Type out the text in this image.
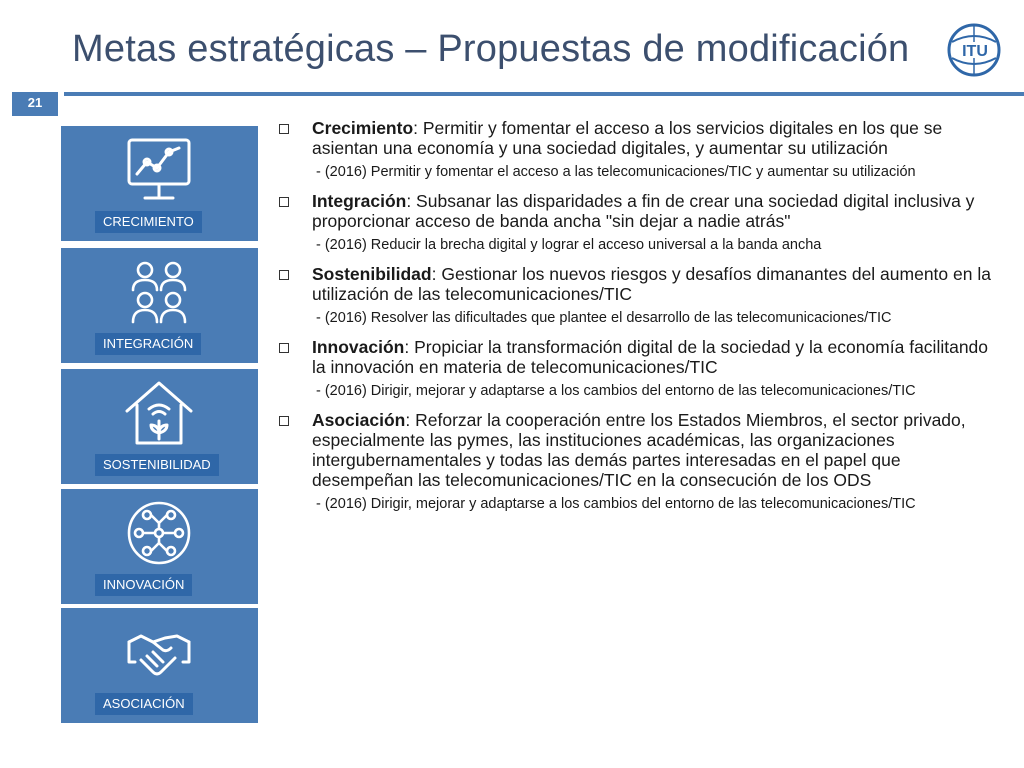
Metas estratégicas – Propuestas de modificación	ITU
21
CRECIMIENTO
INTEGRACIÓN
SOSTENIBILIDAD
INNOVACIÓN
ASOCIACIÓN
Crecimiento: Permitir y fomentar el acceso a los servicios digitales en los que se asientan una economía y una sociedad digitales, y aumentar su utilización
- (2016) Permitir y fomentar el acceso a las telecomunicaciones/TIC y aumentar su utilización
Integración: Subsanar las disparidades a fin de crear una sociedad digital inclusiva y proporcionar acceso de banda ancha "sin dejar a nadie atrás"
- (2016) Reducir la brecha digital y lograr el acceso universal a la banda ancha
Sostenibilidad: Gestionar los nuevos riesgos y desafíos dimanantes del aumento en la utilización de las telecomunicaciones/TIC
- (2016) Resolver las dificultades que plantee el desarrollo de las telecomunicaciones/TIC
Innovación: Propiciar la transformación digital de la sociedad y la economía facilitando la innovación en materia de telecomunicaciones/TIC
- (2016) Dirigir, mejorar y adaptarse a los cambios del entorno de las telecomunicaciones/TIC
Asociación: Reforzar la cooperación entre los Estados Miembros, el sector privado, especialmente las pymes, las instituciones académicas, las organizaciones intergubernamentales y todas las demás partes interesadas en el papel que desempeñan las telecomunicaciones/TIC en la consecución de los ODS
- (2016) Dirigir, mejorar y adaptarse a los cambios del entorno de las telecomunicaciones/TIC
